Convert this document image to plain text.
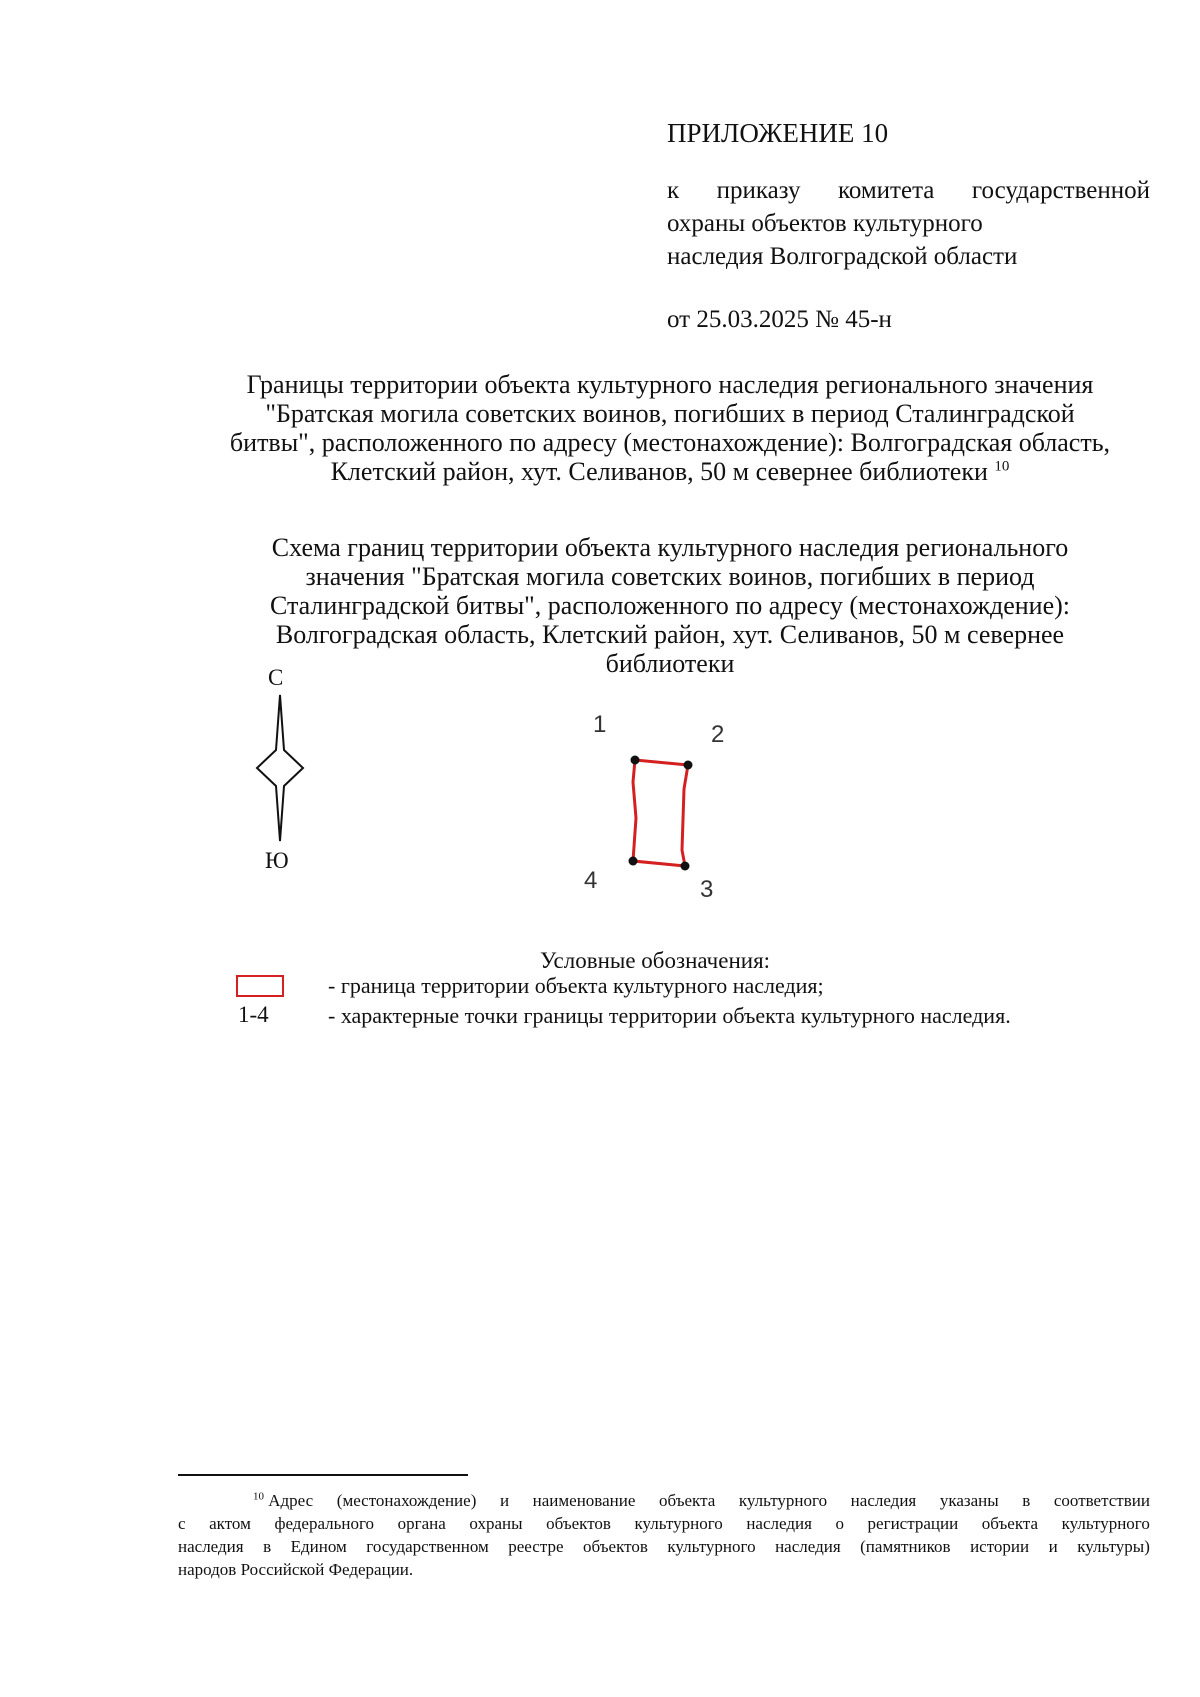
ПРИЛОЖЕНИЕ 10
к приказу комитета государственной
охраны объектов культурного
наследия Волгоградской области
от 25.03.2025 № 45-н
Границы территории объекта культурного наследия регионального значения
"Братская могила советских воинов, погибших в период Сталинградской
битвы", расположенного по адресу (местонахождение): Волгоградская область,
Клетский район, хут. Селиванов, 50 м севернее библиотеки $^{10}$
Схема границ территории объекта культурного наследия регионального
значения "Братская могила советских воинов, погибших в период
Сталинградской битвы", расположенного по адресу (местонахождение):
Волгоградская область, Клетский район, хут. Селиванов, 50 м севернее
библиотеки
С
Ю
1	2
3
4
Условные обозначения:
1-4
- граница территории объекта культурного наследия;
- характерные точки границы территории объекта культурного наследия.
$^{10}$ Адрес (местонахождение) и наименование объекта культурного наследия указаны в соответствии
с актом федерального органа охраны объектов культурного наследия о регистрации объекта культурного
наследия в Едином государственном реестре объектов культурного наследия (памятников истории и культуры)
народов Российской Федерации.
